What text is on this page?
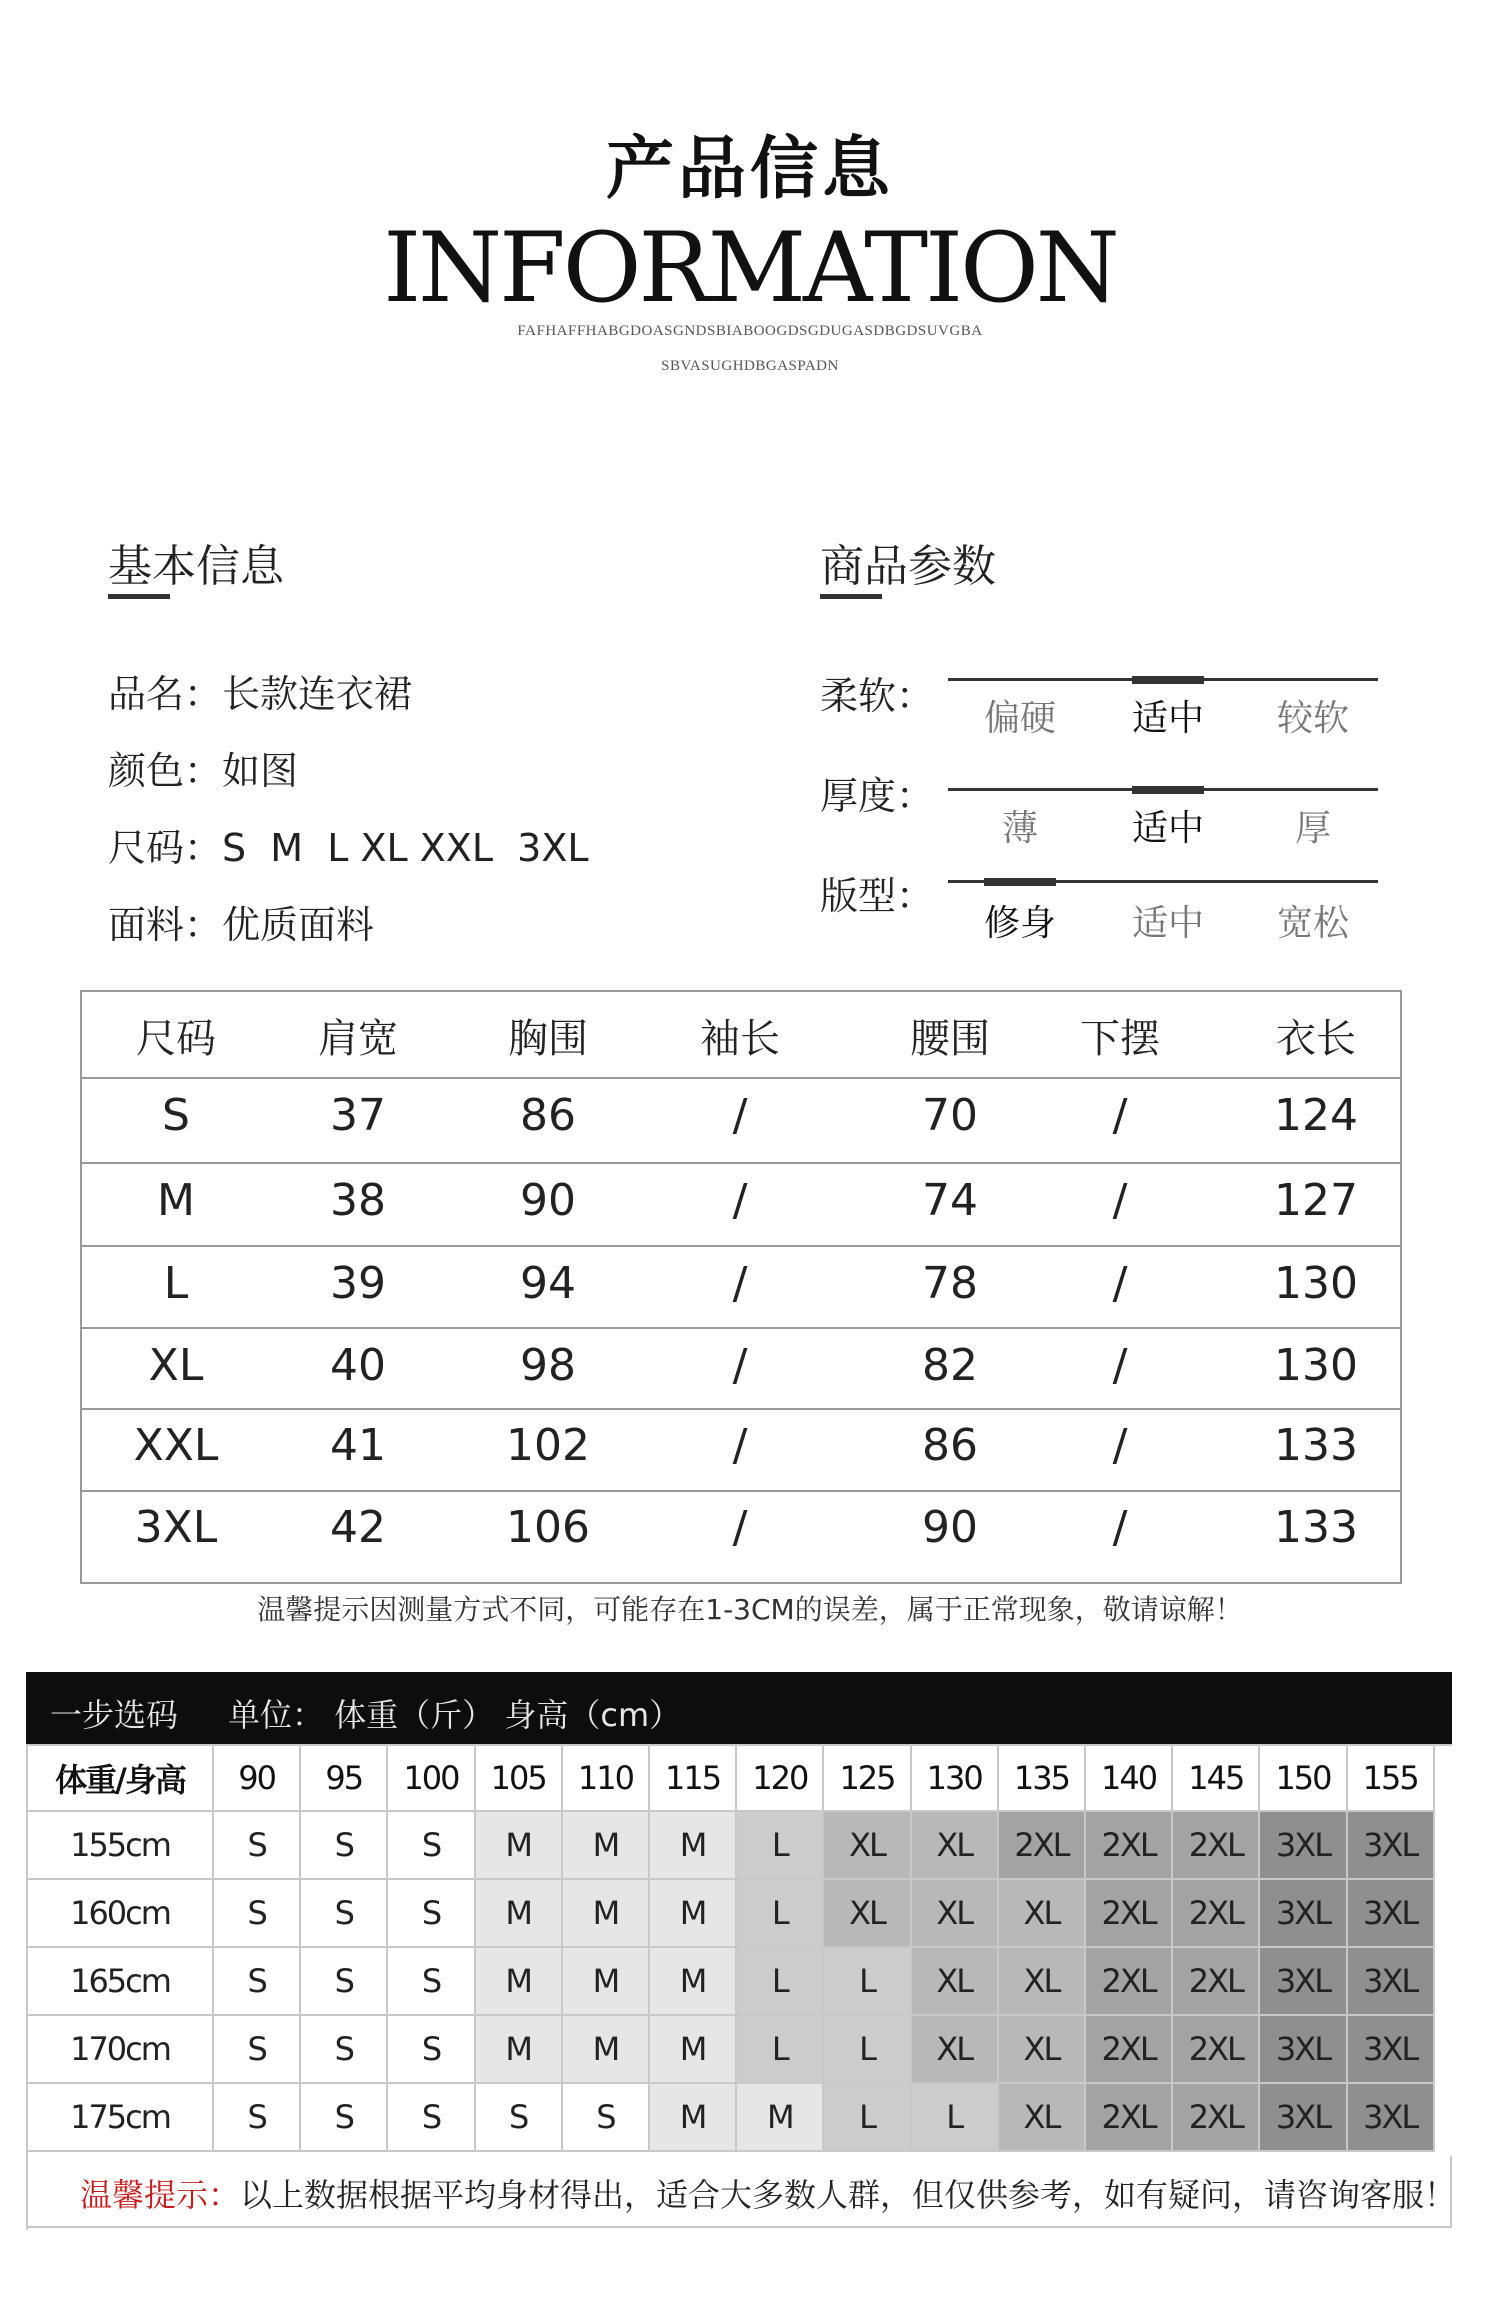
产品信息
INFORMATION
FAFHAFFHABGDOASGNDSBIABOOGDSGDUGASDBGDSUVGBA
SBVASUGHDBGASPADN
基本信息
品名：长款连衣裙
颜色：如图
尺码：S  M  L XL XXL  3XL
面料：优质面料
商品参数
柔软：
偏硬	适中	较软
厚度：
薄	适中	厚
版型：
修身	适中	宽松
尺码	肩宽	胸围	袖长	腰围	下摆	衣长
S	37	86	/	70	/	124
M	38	90	/	74	/	127
L	39	94	/	78	/	130
XL	40	98	/	82	/	130
XXL	41	102	/	86	/	133
3XL	42	106	/	90	/	133
温馨提示因测量方式不同，可能存在1-3CM的误差，属于正常现象，敬请谅解！
一步选码 单位： 体重（斤） 身高（cm）
体重/身高	90	95	100	105	110	115	120	125	130	135	140	145	150	155
155cm	S	S	S	M	M	M	L	XL	XL	2XL	2XL	2XL	3XL	3XL
160cm	S	S	S	M	M	M	L	XL	XL	XL	2XL	2XL	3XL	3XL
165cm	S	S	S	M	M	M	L	L	XL	XL	2XL	2XL	3XL	3XL
170cm	S	S	S	M	M	M	L	L	XL	XL	2XL	2XL	3XL	3XL
175cm	S	S	S	S	S	M	M	L	L	XL	2XL	2XL	3XL	3XL
温馨提示：以上数据根据平均身材得出，适合大多数人群，但仅供参考，如有疑问，请咨询客服！
